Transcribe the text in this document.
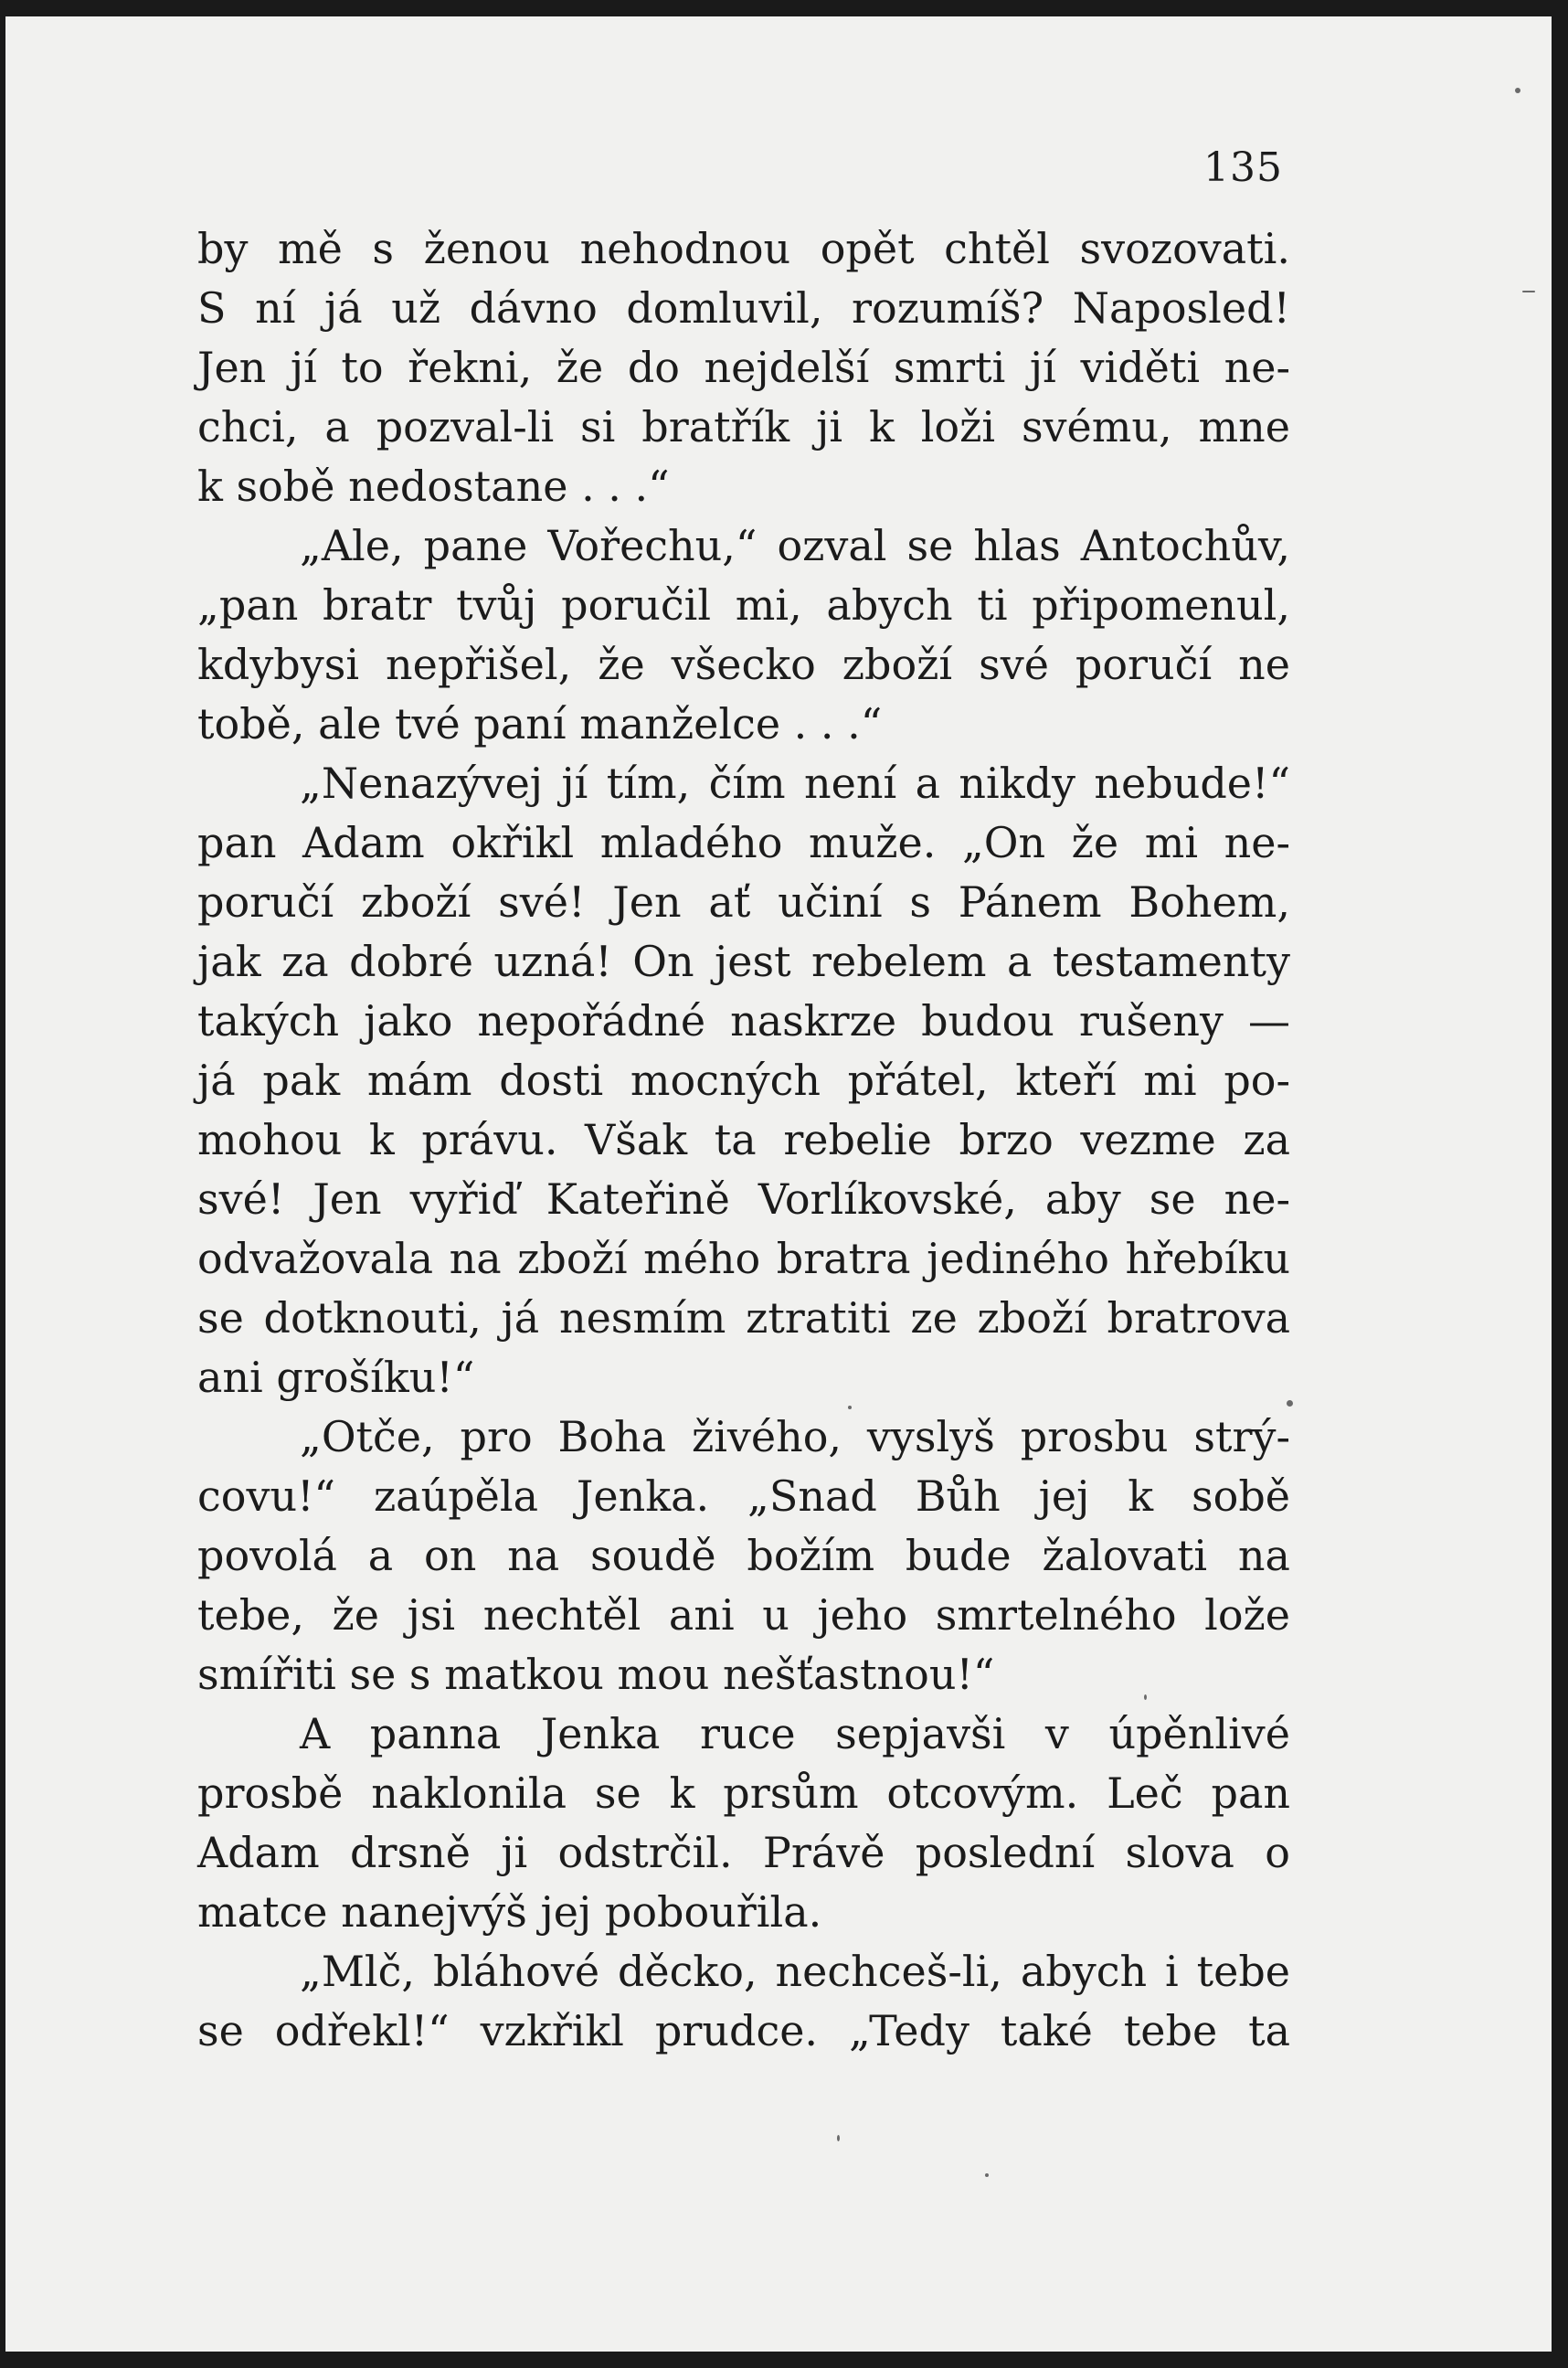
135
by mě s ženou nehodnou opět chtěl svozovati.
S ní já už dávno domluvil, rozumíš? Naposled!
Jen jí to řekni, že do nejdelší smrti jí viděti ne-
chci, a pozval-li si bratřík ji k loži svému, mne
k sobě nedostane . . .“
„Ale, pane Vořechu,“ ozval se hlas Antochův,
„pan bratr tvůj poručil mi, abych ti připomenul,
kdybysi nepřišel, že všecko zboží své poručí ne
tobě, ale tvé paní manželce . . .“
„Nenazývej jí tím, čím není a nikdy nebude!“
pan Adam okřikl mladého muže. „On že mi ne-
poručí zboží své! Jen ať učiní s Pánem Bohem,
jak za dobré uzná! On jest rebelem a testamenty
takých jako nepořádné naskrze budou rušeny —
já pak mám dosti mocných přátel, kteří mi po-
mohou k právu. Však ta rebelie brzo vezme za
své! Jen vyřiď Kateřině Vorlíkovské, aby se ne-
odvažovala na zboží mého bratra jediného hřebíku
se dotknouti, já nesmím ztratiti ze zboží bratrova
ani grošíku!“
„Otče, pro Boha živého, vyslyš prosbu strý-
covu!“ zaúpěla Jenka. „Snad Bůh jej k sobě
povolá a on na soudě božím bude žalovati na
tebe, že jsi nechtěl ani u jeho smrtelného lože
smířiti se s matkou mou nešťastnou!“
A panna Jenka ruce sepjavši v úpěnlivé
prosbě naklonila se k prsům otcovým. Leč pan
Adam drsně ji odstrčil. Právě poslední slova o
matce nanejvýš jej pobouřila.
„Mlč, bláhové děcko, nechceš-li, abych i tebe
se odřekl!“ vzkřikl prudce. „Tedy také tebe ta
